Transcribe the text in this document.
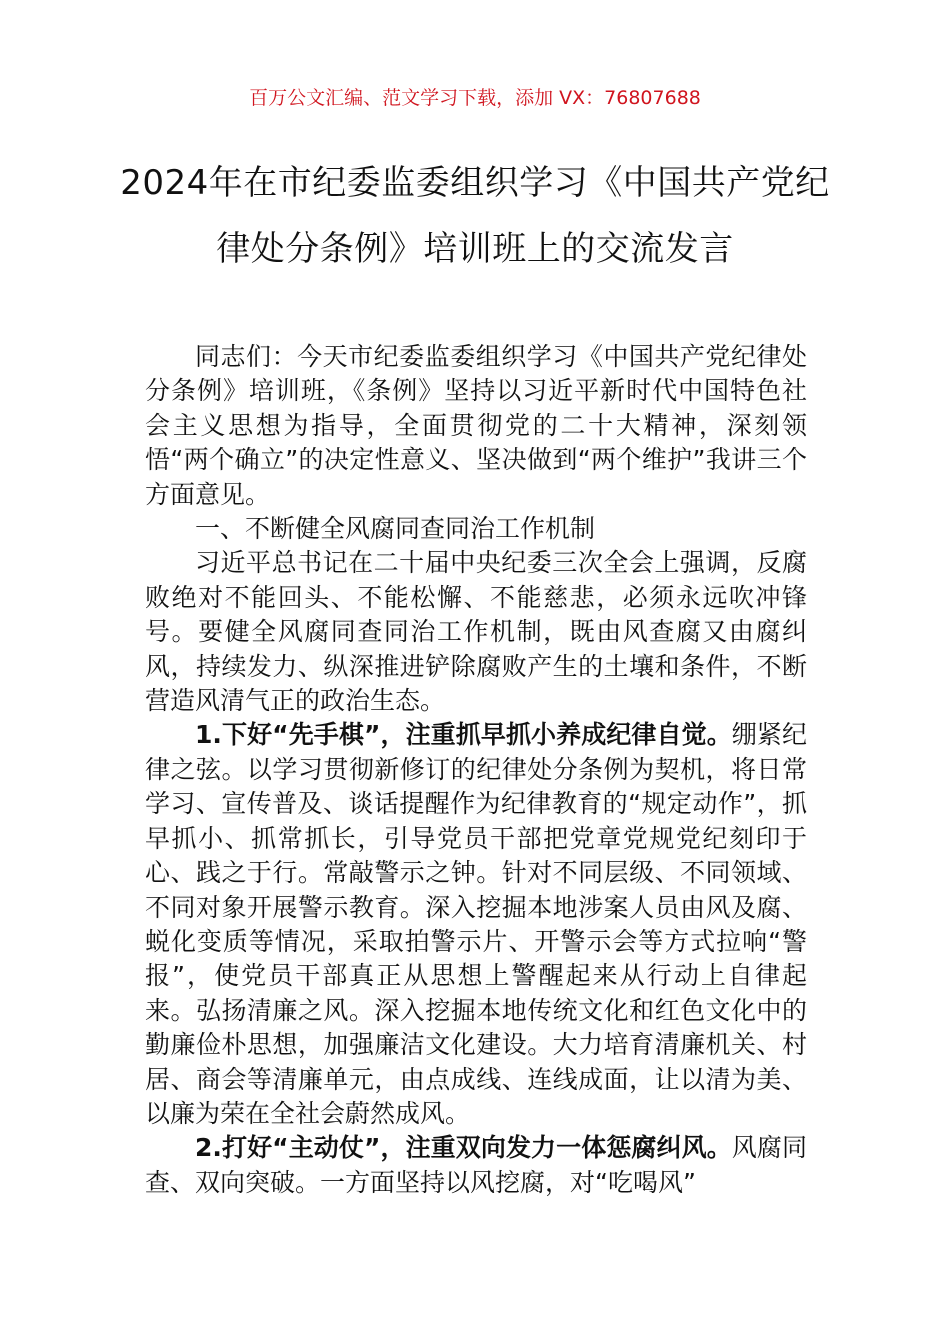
百万公文汇编、范文学习下载，添加 VX：76807688
2024年在市纪委监委组织学习《中国共产党纪律处分条例》培训班上的交流发言

同志们：今天市纪委监委组织学习《中国共产党纪律处分条例》培训班，《条例》坚持以习近平新时代中国特色社会主义思想为指导，全面贯彻党的二十大精神，深刻领悟“两个确立”的决定性意义、坚决做到“两个维护”我讲三个方面意见。

一、不断健全风腐同查同治工作机制

习近平总书记在二十届中央纪委三次全会上强调，反腐败绝对不能回头、不能松懈、不能慈悲，必须永远吹冲锋号。要健全风腐同查同治工作机制，既由风查腐又由腐纠风，持续发力、纵深推进铲除腐败产生的土壤和条件，不断营造风清气正的政治生态。

1.下好“先手棋”，注重抓早抓小养成纪律自觉。绷紧纪律之弦。以学习贯彻新修订的纪律处分条例为契机，将日常学习、宣传普及、谈话提醒作为纪律教育的“规定动作”，抓早抓小、抓常抓长，引导党员干部把党章党规党纪刻印于心、践之于行。常敲警示之钟。针对不同层级、不同领域、不同对象开展警示教育。深入挖掘本地涉案人员由风及腐、蜕化变质等情况，采取拍警示片、开警示会等方式拉响“警报”，使党员干部真正从思想上警醒起来从行动上自律起来。弘扬清廉之风。深入挖掘本地传统文化和红色文化中的勤廉俭朴思想，加强廉洁文化建设。大力培育清廉机关、村居、商会等清廉单元，由点成线、连线成面，让以清为美、以廉为荣在全社会蔚然成风。

2.打好“主动仗”，注重双向发力一体惩腐纠风。风腐同查、双向突破。一方面坚持以风挖腐，对“吃喝风”
